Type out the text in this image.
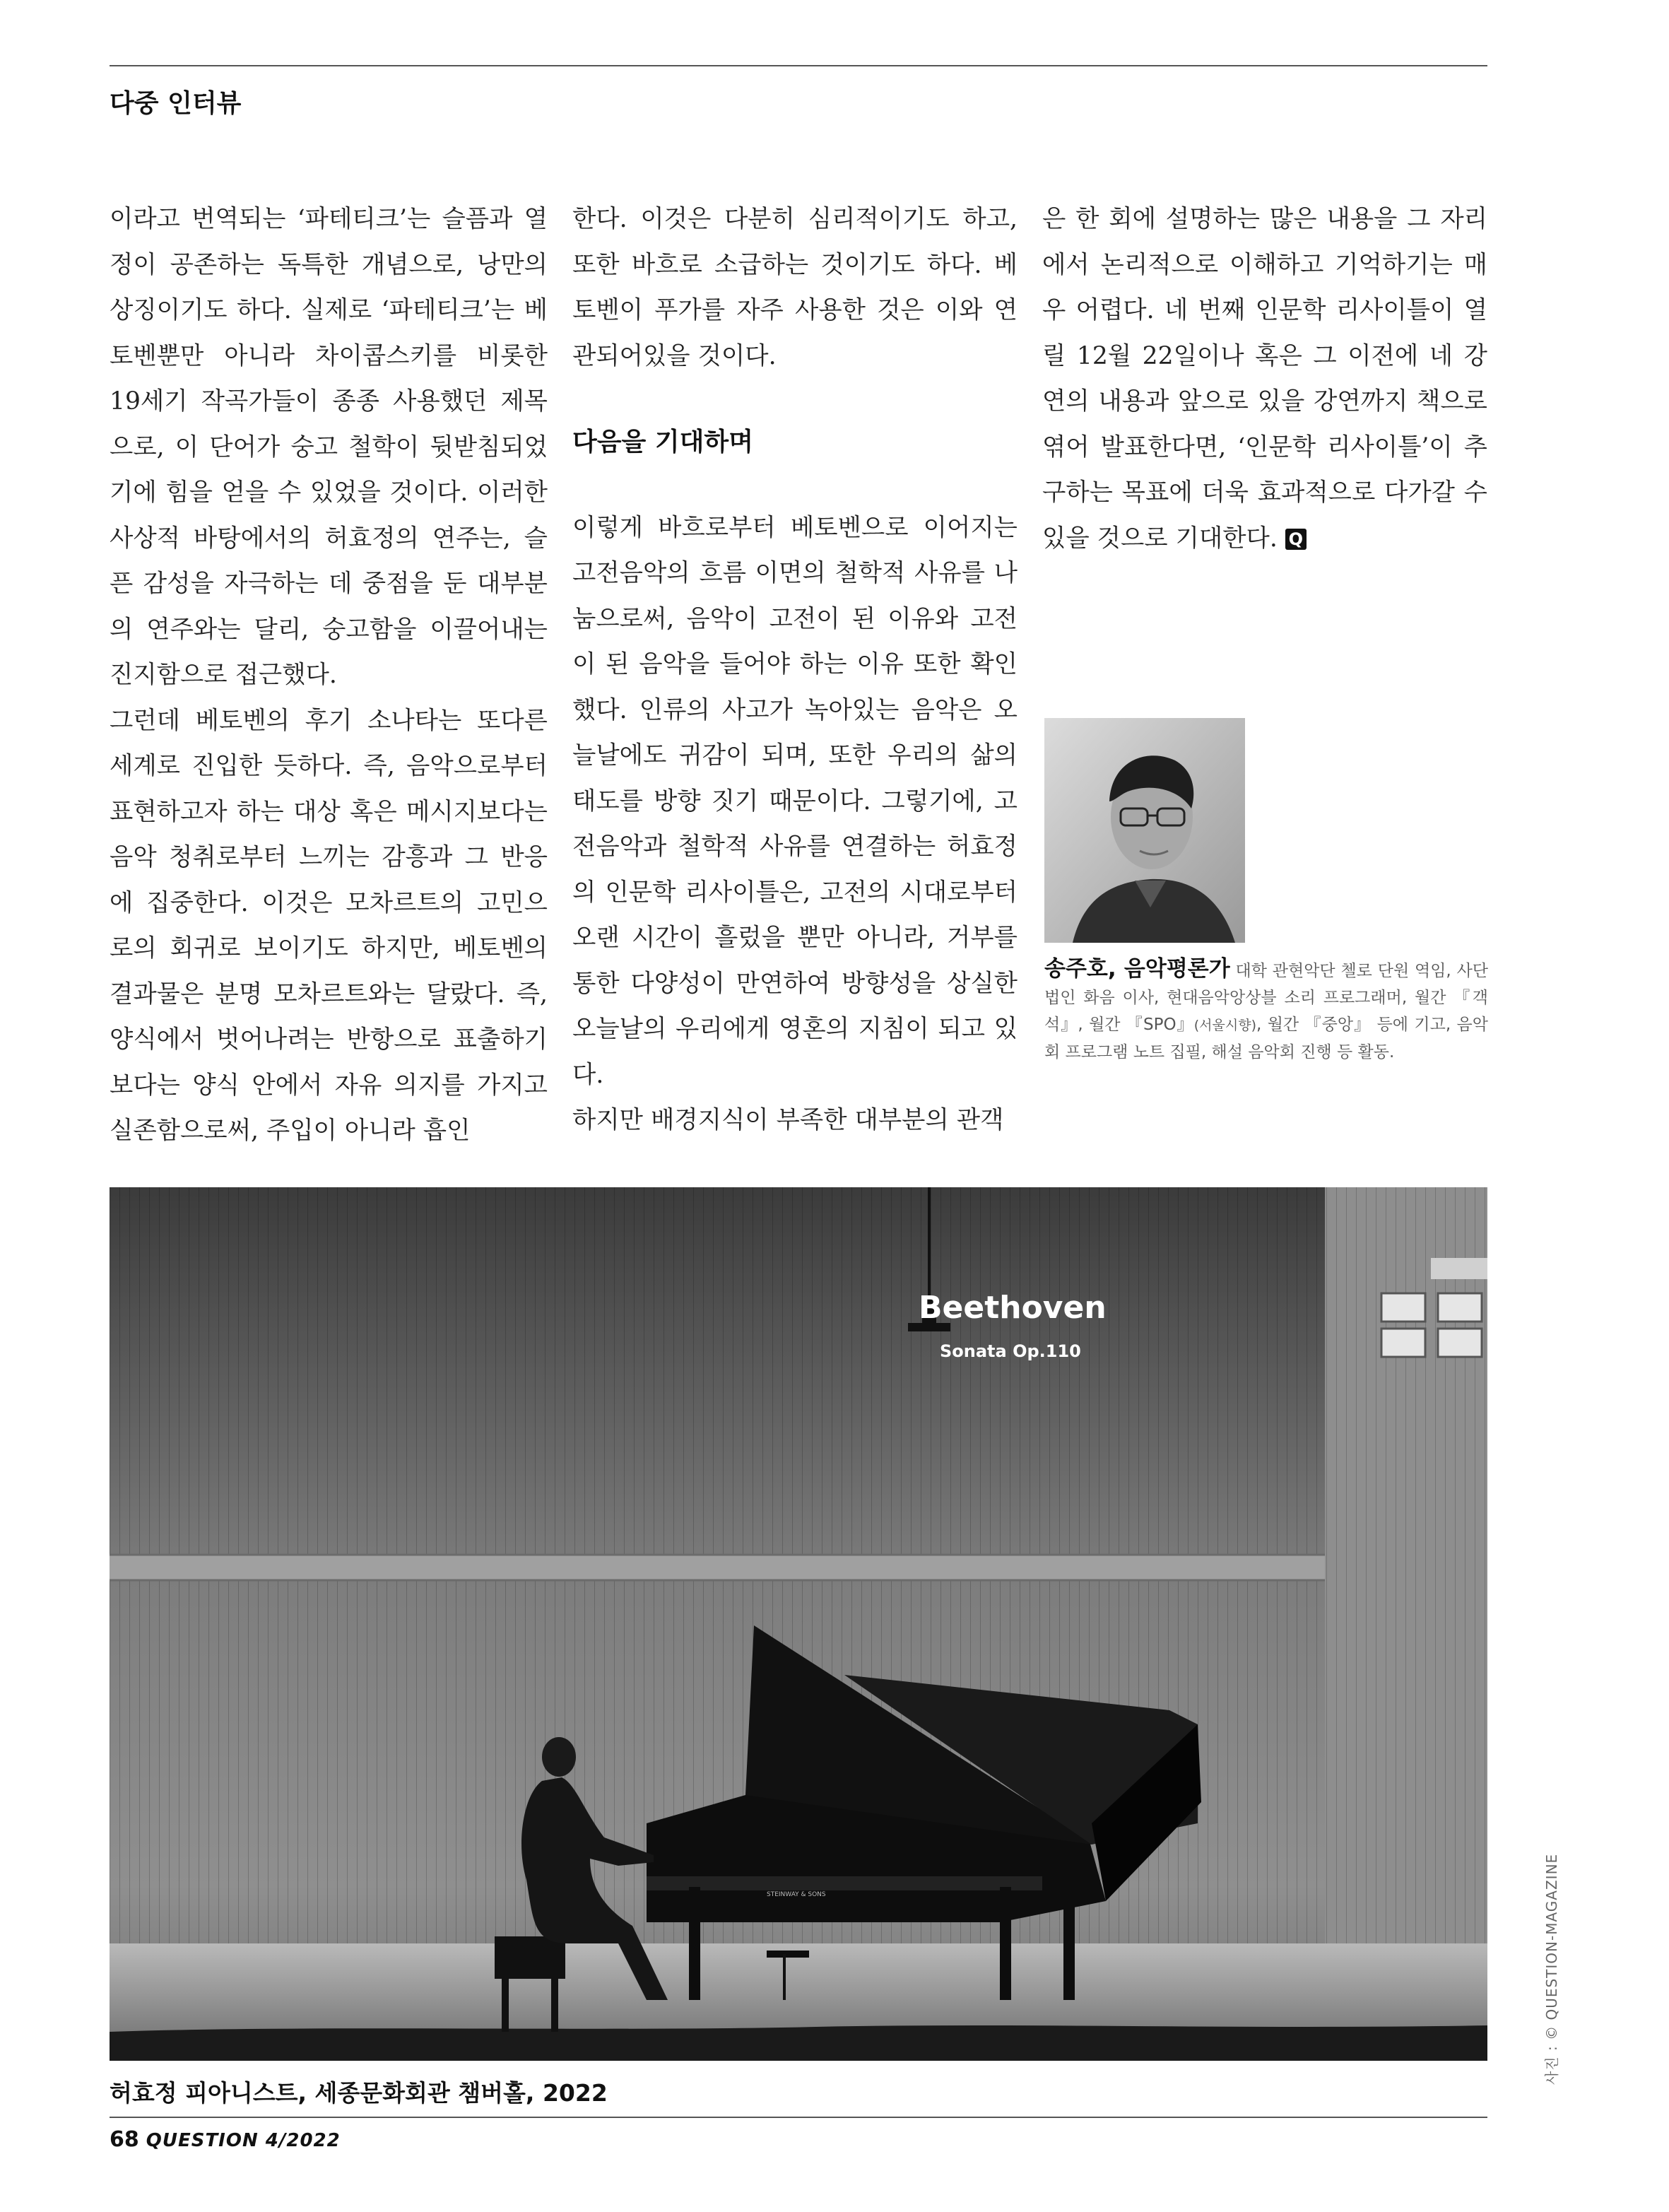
다중 인터뷰

이라고 번역되는 ‘파테티크’는 슬픔과 열정이 공존하는 독특한 개념으로, 낭만의 상징이기도 하다. 실제로 ‘파테티크’는 베토벤뿐만 아니라 차이콥스키를 비롯한 19세기 작곡가들이 종종 사용했던 제목으로, 이 단어가 숭고 철학이 뒷받침되었기에 힘을 얻을 수 있었을 것이다. 이러한 사상적 바탕에서의 허효정의 연주는, 슬픈 감성을 자극하는 데 중점을 둔 대부분의 연주와는 달리, 숭고함을 이끌어내는 진지함으로 접근했다.

그런데 베토벤의 후기 소나타는 또다른 세계로 진입한 듯하다. 즉, 음악으로부터 표현하고자 하는 대상 혹은 메시지보다는 음악 청취로부터 느끼는 감흥과 그 반응에 집중한다. 이것은 모차르트의 고민으로의 회귀로 보이기도 하지만, 베토벤의 결과물은 분명 모차르트와는 달랐다. 즉, 양식에서 벗어나려는 반항으로 표출하기보다는 양식 안에서 자유 의지를 가지고 실존함으로써, 주입이 아니라 흡인

한다. 이것은 다분히 심리적이기도 하고, 또한 바흐로 소급하는 것이기도 하다. 베토벤이 푸가를 자주 사용한 것은 이와 연관되어있을 것이다.

다음을 기대하며

이렇게 바흐로부터 베토벤으로 이어지는 고전음악의 흐름 이면의 철학적 사유를 나눔으로써, 음악이 고전이 된 이유와 고전이 된 음악을 들어야 하는 이유 또한 확인했다. 인류의 사고가 녹아있는 음악은 오늘날에도 귀감이 되며, 또한 우리의 삶의 태도를 방향 짓기 때문이다. 그렇기에, 고전음악과 철학적 사유를 연결하는 허효정의 인문학 리사이틀은, 고전의 시대로부터 오랜 시간이 흘렀을 뿐만 아니라, 거부를 통한 다양성이 만연하여 방향성을 상실한 오늘날의 우리에게 영혼의 지침이 되고 있다.

하지만 배경지식이 부족한 대부분의 관객

은 한 회에 설명하는 많은 내용을 그 자리에서 논리적으로 이해하고 기억하기는 매우 어렵다. 네 번째 인문학 리사이틀이 열릴 12월 22일이나 혹은 그 이전에 네 강연의 내용과 앞으로 있을 강연까지 책으로 엮어 발표한다면, ‘인문학 리사이틀’이 추구하는 목표에 더욱 효과적으로 다가갈 수 있을 것으로 기대한다. Q

송주호, 음악평론가 대학 관현악단 첼로 단원 역임, 사단법인 화음 이사, 현대음악앙상블 소리 프로그래머, 월간 『객석』, 월간 『SPO』(서울시향), 월간 『중앙』 등에 기고, 음악회 프로그램 노트 집필, 해설 음악회 진행 등 활동.
Beethoven
Sonata Op.110
STEINWAY & SONS
허효정 피아니스트, 세종문화회관 챔버홀, 2022
사진 : © QUESTION-MAGAZINE
68 QUESTION 4/2022
